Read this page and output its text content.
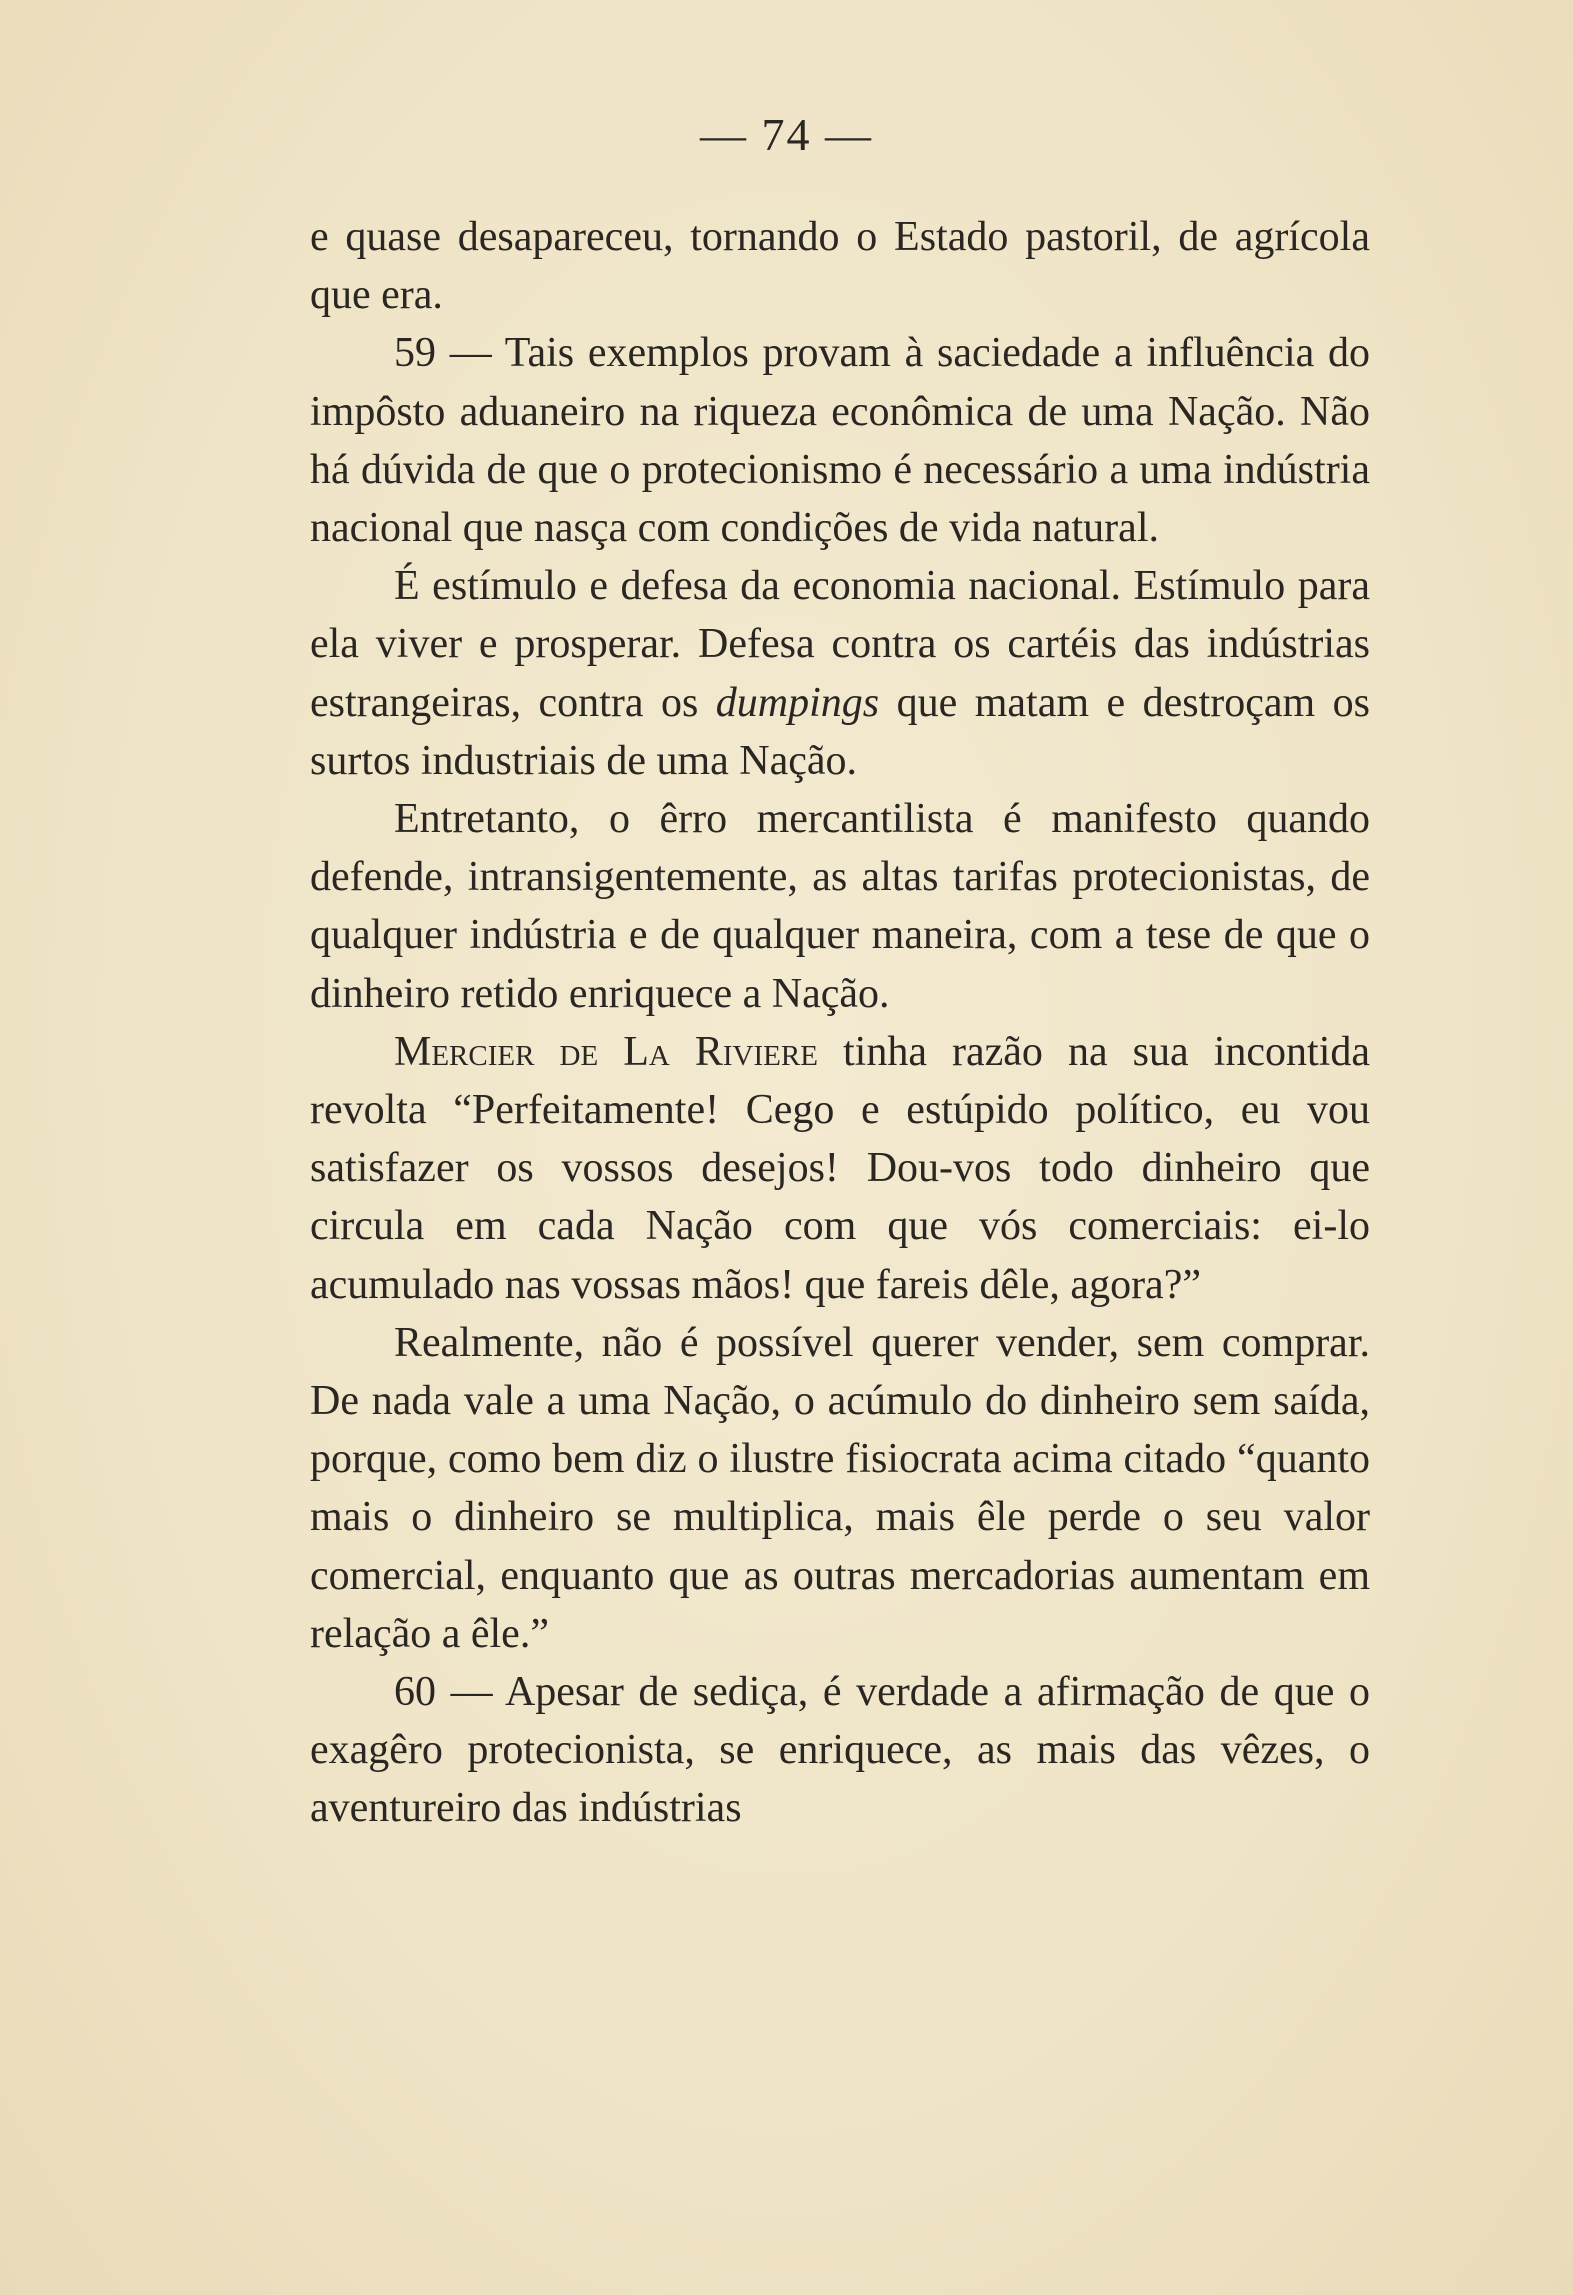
— 74 —

e quase desapareceu, tornando o Estado pastoril, de agrícola que era.

59 — Tais exemplos provam à saciedade a influência do impôsto aduaneiro na riqueza econômica de uma Nação. Não há dúvida de que o protecionismo é necessário a uma indústria nacional que nasça com condições de vida natural.

É estímulo e defesa da economia nacional. Estímulo para ela viver e prosperar. Defesa contra os cartéis das indústrias estrangeiras, contra os dumpings que matam e destroçam os surtos industriais de uma Nação.

Entretanto, o êrro mercantilista é manifesto quando defende, intransigentemente, as altas tarifas protecionistas, de qualquer indústria e de qualquer maneira, com a tese de que o dinheiro retido enriquece a Nação.

Mercier de La Riviere tinha razão na sua incontida revolta “Perfeitamente! Cego e estúpido político, eu vou satisfazer os vossos desejos! Dou-vos todo dinheiro que circula em cada Nação com que vós comerciais: ei-lo acumulado nas vossas mãos! que fareis dêle, agora?”

Realmente, não é possível querer vender, sem comprar. De nada vale a uma Nação, o acúmulo do dinheiro sem saída, porque, como bem diz o ilustre fisiocrata acima citado “quanto mais o dinheiro se multiplica, mais êle perde o seu valor comercial, enquanto que as outras mercadorias aumentam em relação a êle.”

60 — Apesar de sediça, é verdade a afirmação de que o exagêro protecionista, se enriquece, as mais das vêzes, o aventureiro das indústrias
